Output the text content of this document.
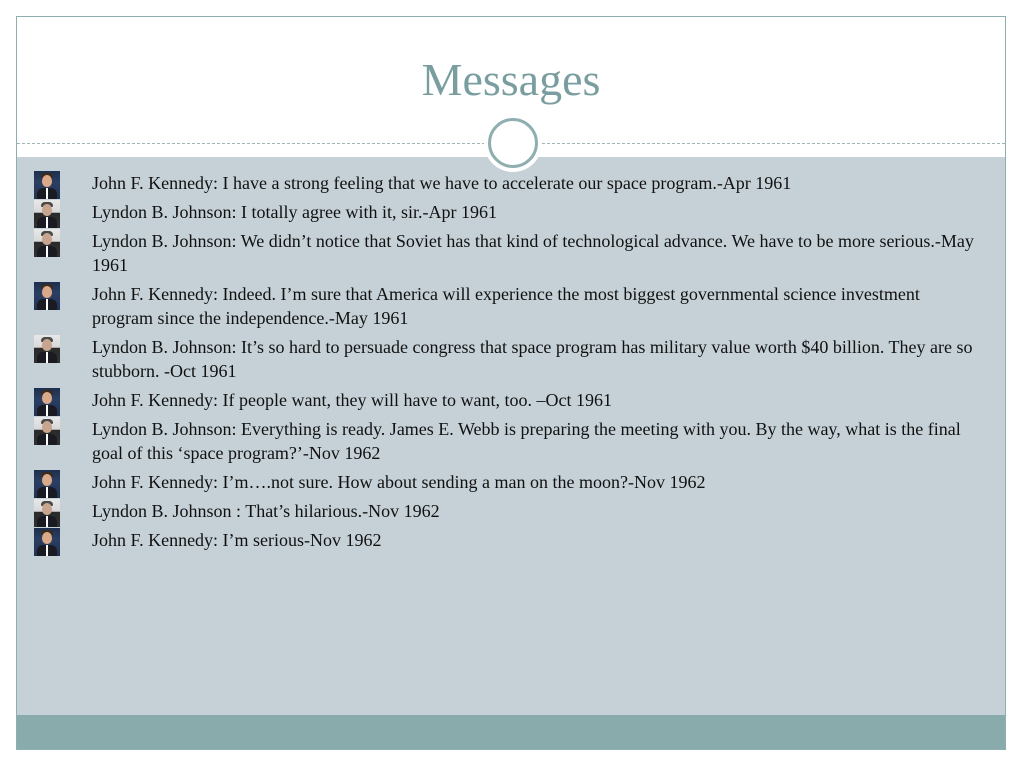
Messages
John F. Kennedy: I have a strong feeling that we have to accelerate our space program.-Apr 1961
Lyndon B. Johnson: I totally agree with it, sir.-Apr 1961
Lyndon B. Johnson: We didn’t notice that Soviet has that kind of technological advance. We have to be more serious.-May 1961
John F. Kennedy: Indeed. I’m sure that America will experience the most biggest governmental science investment program since the independence.-May 1961
Lyndon B. Johnson: It’s so hard to persuade congress that space program has military value worth $40 billion. They are so stubborn. -Oct 1961
John F. Kennedy: If people want, they will have to want, too. –Oct 1961
Lyndon B. Johnson: Everything is ready. James E. Webb is preparing the meeting with you. By the way, what is the final goal of this ‘space program?’-Nov 1962
John F. Kennedy: I’m….not sure. How about sending a man on the moon?-Nov 1962
Lyndon B. Johnson : That’s hilarious.-Nov 1962
John F. Kennedy: I’m serious-Nov 1962
